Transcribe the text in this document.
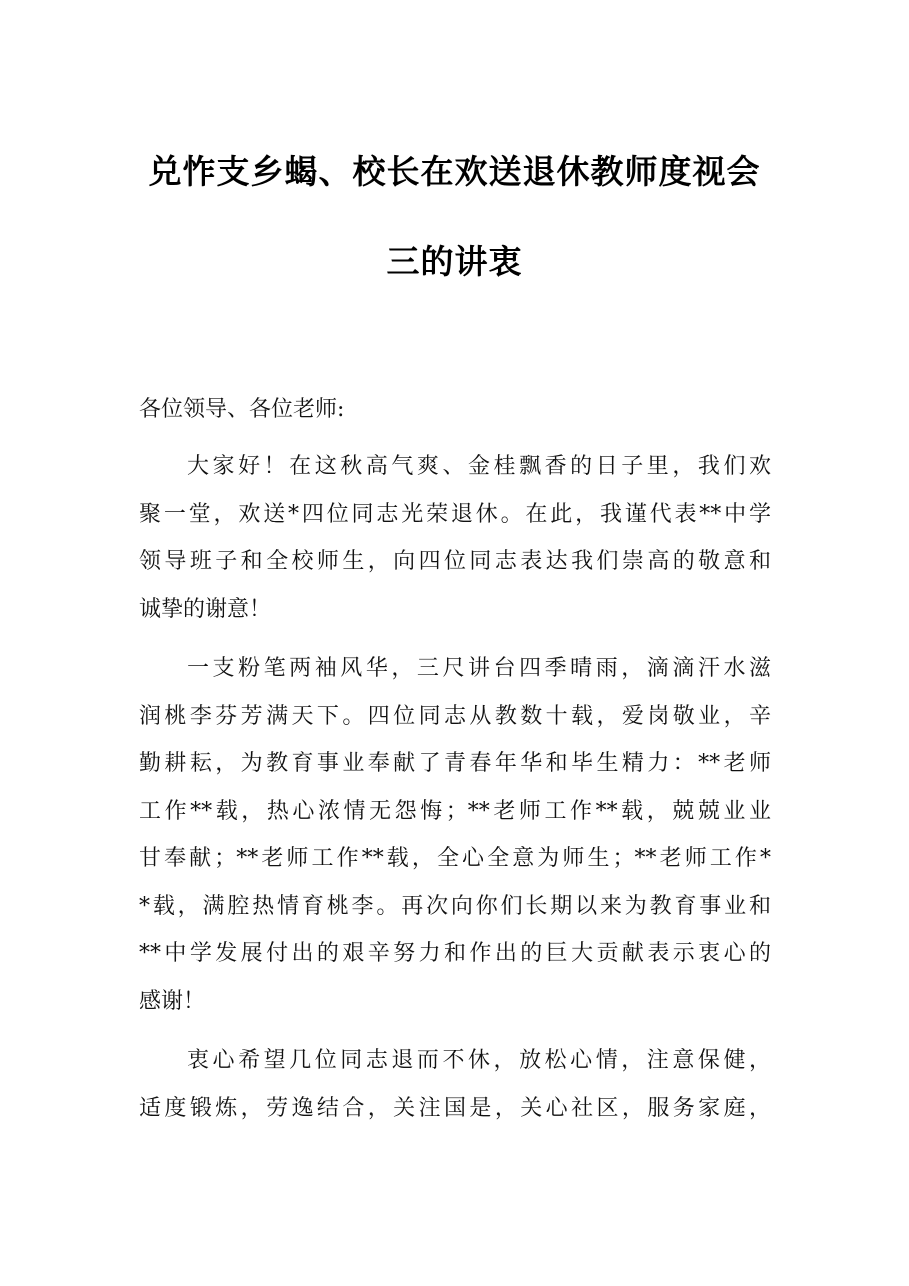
兑怍支乡蝎、校长在欢送退休教师度视会
三的讲衷
各位领导、各位老师:
大家好！在这秋高气爽、金桂飘香的日子里，我们欢
聚一堂，欢送*四位同志光荣退休。在此，我谨代表**中学
领导班子和全校师生，向四位同志表达我们崇高的敬意和
诚挚的谢意！
一支粉笔两袖风华，三尺讲台四季晴雨，滴滴汗水滋
润桃李芬芳满天下。四位同志从教数十载，爱岗敬业，辛
勤耕耘，为教育事业奉献了青春年华和毕生精力：**老师
工作**载，热心浓情无怨悔；**老师工作**载，兢兢业业
甘奉献；**老师工作**载，全心全意为师生；**老师工作*
*载，满腔热情育桃李。再次向你们长期以来为教育事业和
**中学发展付出的艰辛努力和作出的巨大贡献表示衷心的
感谢！
衷心希望几位同志退而不休，放松心情，注意保健，
适度锻炼，劳逸结合，关注国是，关心社区，服务家庭，
